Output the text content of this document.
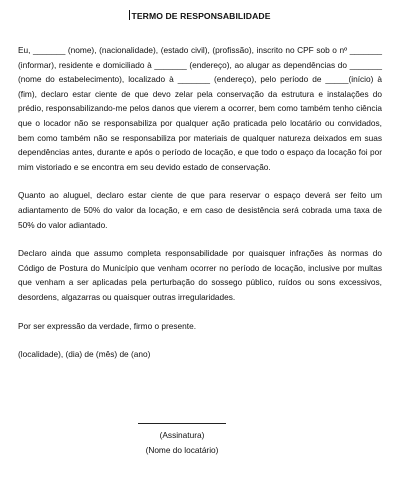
TERMO DE RESPONSABILIDADE

Eu, _______ (nome), (nacionalidade), (estado civil), (profissão), inscrito no CPF sob o nº _______ (informar), residente e domiciliado à _______ (endereço), ao alugar as dependências do _______ (nome do estabelecimento), localizado à _______ (endereço), pelo período de _____(início) à (fim), declaro estar ciente de que devo zelar pela conservação da estrutura e instalações do prédio, responsabilizando-me pelos danos que vierem a ocorrer, bem como também tenho ciência que o locador não se responsabiliza por qualquer ação praticada pelo locatário ou convidados, bem como também não se responsabiliza por materiais de qualquer natureza deixados em suas dependências antes, durante e após o período de locação, e que todo o espaço da locação foi por mim vistoriado e se encontra em seu devido estado de conservação.

Quanto ao aluguel, declaro estar ciente de que para reservar o espaço deverá ser feito um adiantamento de 50% do valor da locação, e em caso de desistência será cobrada uma taxa de 50% do valor adiantado.

Declaro ainda que assumo completa responsabilidade por quaisquer infrações às normas do Código de Postura do Município que venham ocorrer no período de locação, inclusive por multas que venham a ser aplicadas pela perturbação do sossego público, ruídos ou sons excessivos, desordens, algazarras ou quaisquer outras irregularidades.

Por ser expressão da verdade, firmo o presente.

(localidade), (dia) de (mês) de (ano)

(Assinatura)
(Nome do locatário)
